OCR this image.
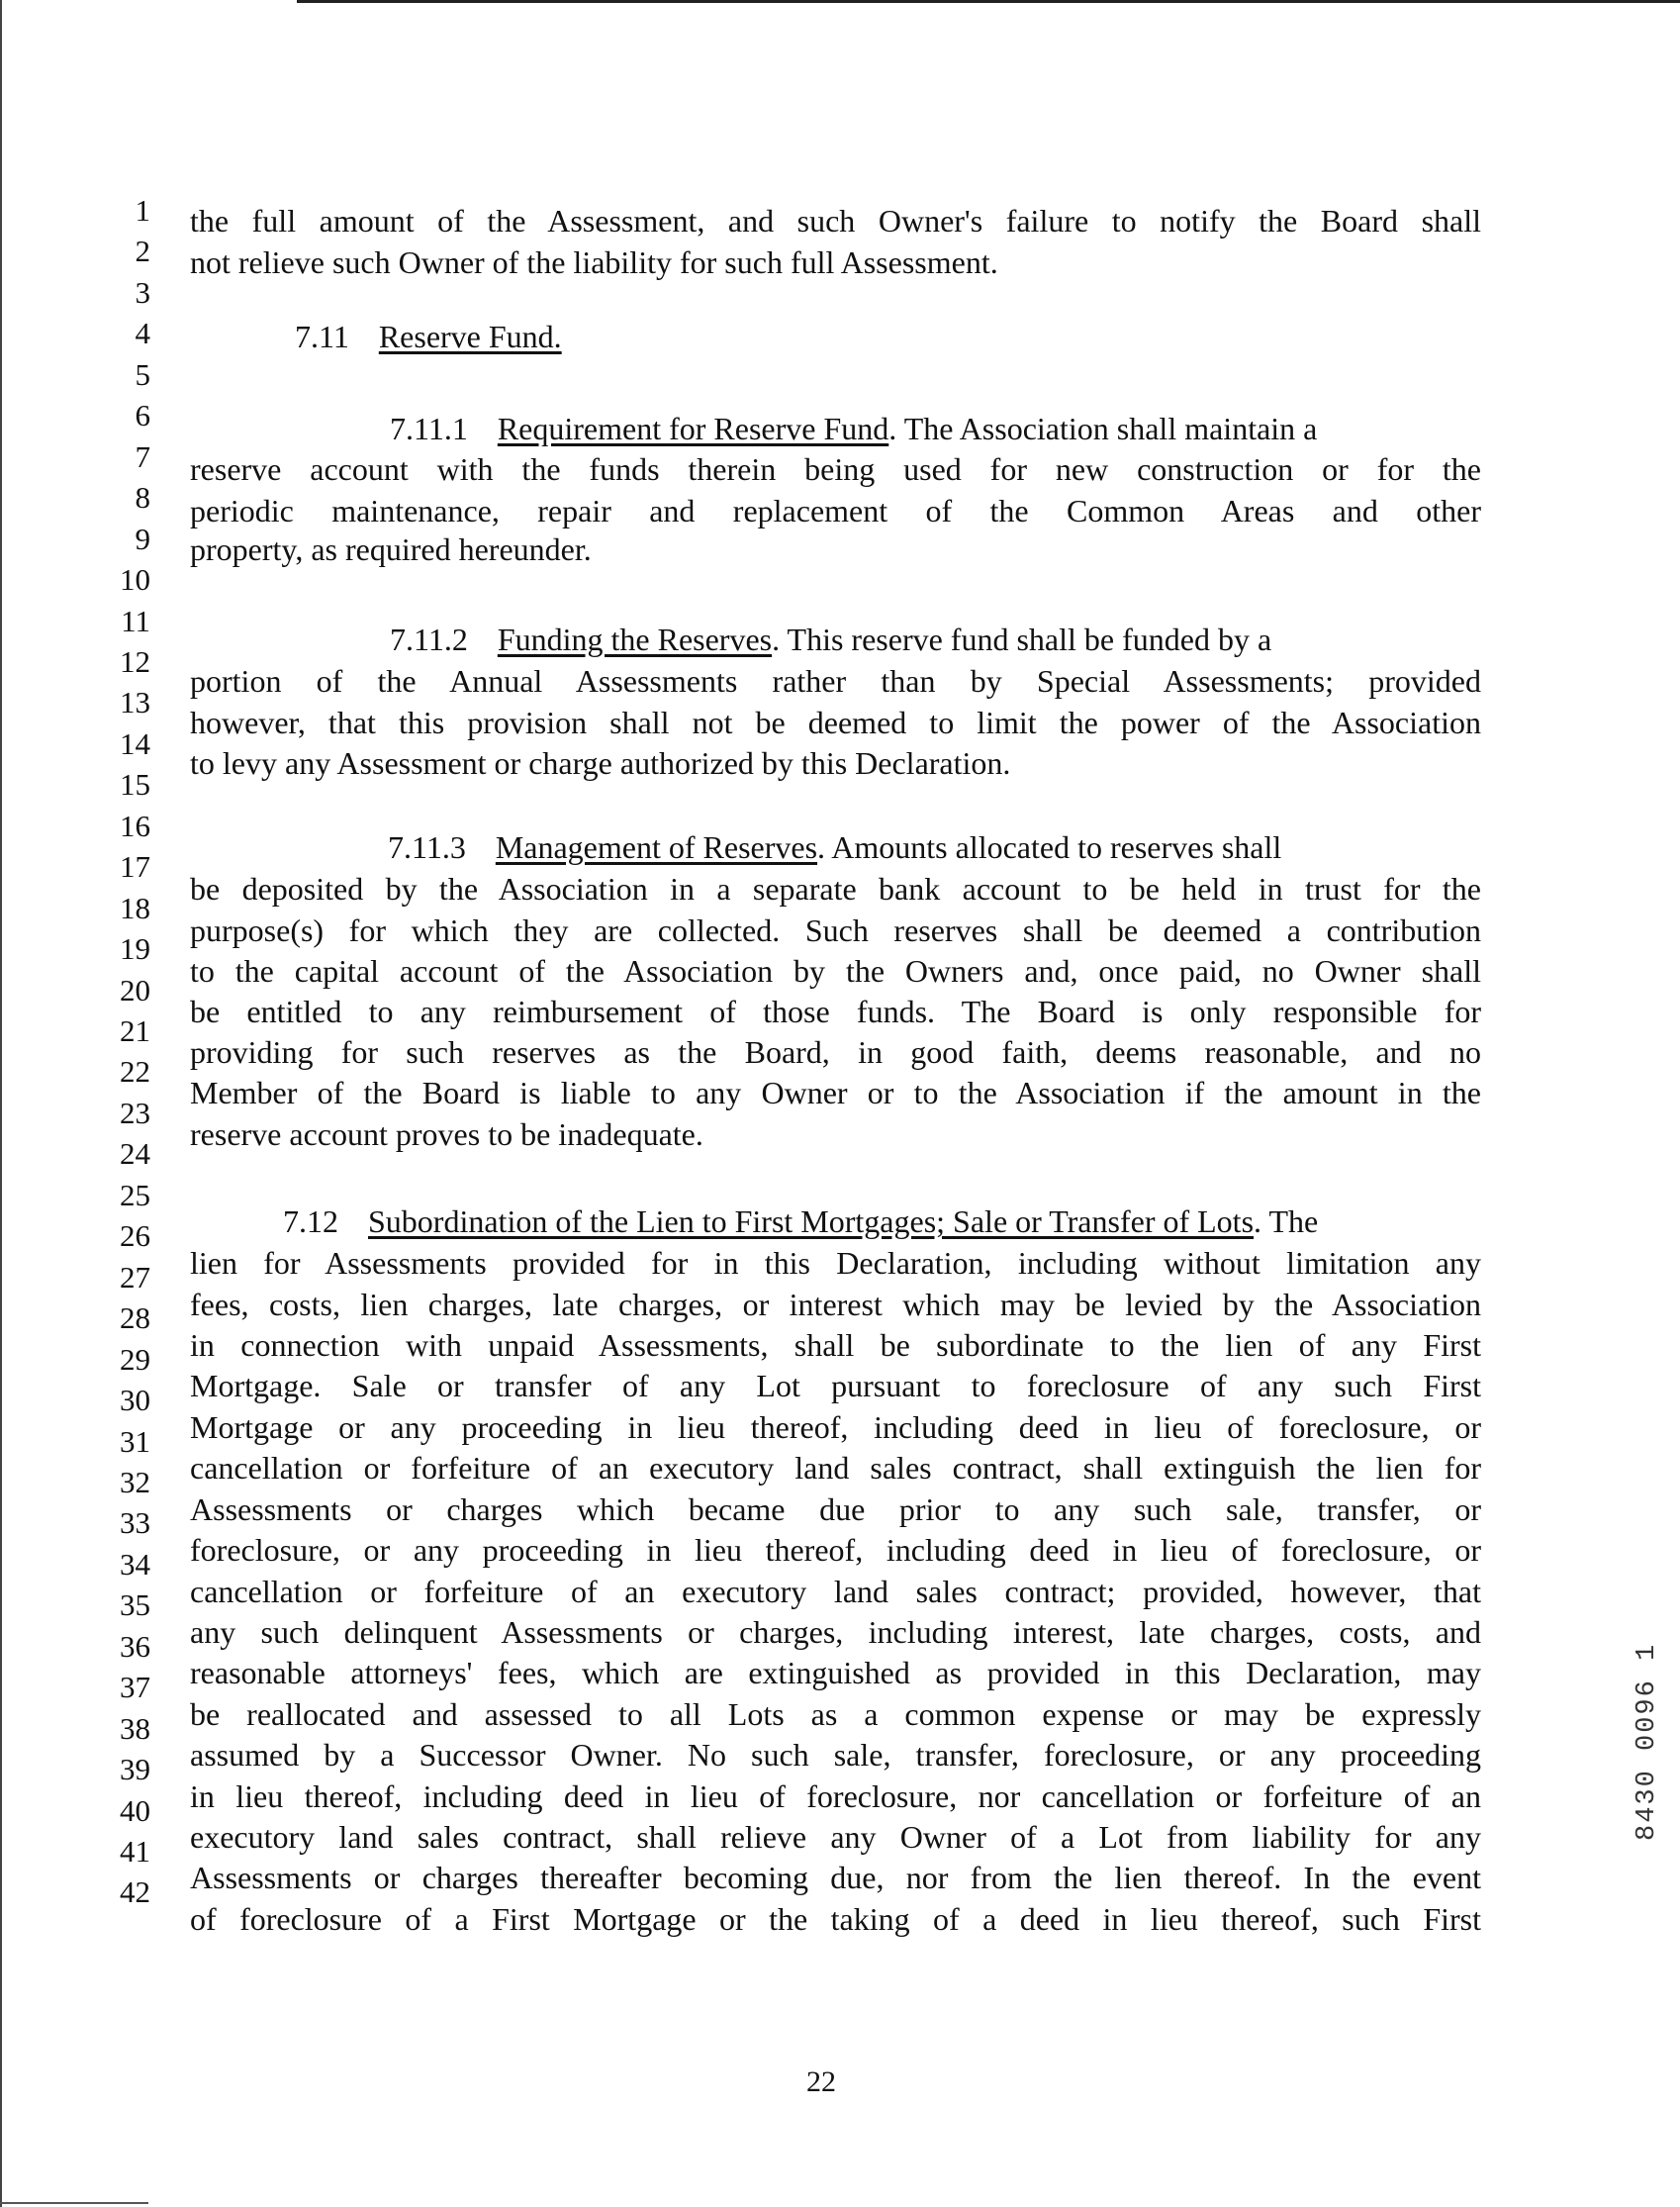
1
2
3
4
5
6
7
8
9
10
11
12
13
14
15
16
17
18
19
20
21
22
23
24
25
26
27
28
29
30
31
32
33
34
35
36
37
38
39
40
41
42
the full amount of the Assessment, and such Owner's failure to notify the Board shall
not relieve such Owner of the liability for such full Assessment.
7.11 Reserve Fund.
7.11.1 Requirement for Reserve Fund. The Association shall maintain a
reserve account with the funds therein being used for new construction or for the
periodic maintenance, repair and replacement of the Common Areas and other
property, as required hereunder.
7.11.2 Funding the Reserves. This reserve fund shall be funded by a
portion of the Annual Assessments rather than by Special Assessments; provided
however, that this provision shall not be deemed to limit the power of the Association
to levy any Assessment or charge authorized by this Declaration.
7.11.3 Management of Reserves. Amounts allocated to reserves shall
be deposited by the Association in a separate bank account to be held in trust for the
purpose(s) for which they are collected. Such reserves shall be deemed a contribution
to the capital account of the Association by the Owners and, once paid, no Owner shall
be entitled to any reimbursement of those funds. The Board is only responsible for
providing for such reserves as the Board, in good faith, deems reasonable, and no
Member of the Board is liable to any Owner or to the Association if the amount in the
reserve account proves to be inadequate.
7.12 Subordination of the Lien to First Mortgages; Sale or Transfer of Lots. The
lien for Assessments provided for in this Declaration, including without limitation any
fees, costs, lien charges, late charges, or interest which may be levied by the Association
in connection with unpaid Assessments, shall be subordinate to the lien of any First
Mortgage. Sale or transfer of any Lot pursuant to foreclosure of any such First
Mortgage or any proceeding in lieu thereof, including deed in lieu of foreclosure, or
cancellation or forfeiture of an executory land sales contract, shall extinguish the lien for
Assessments or charges which became due prior to any such sale, transfer, or
foreclosure, or any proceeding in lieu thereof, including deed in lieu of foreclosure, or
cancellation or forfeiture of an executory land sales contract; provided, however, that
any such delinquent Assessments or charges, including interest, late charges, costs, and
reasonable attorneys' fees, which are extinguished as provided in this Declaration, may
be reallocated and assessed to all Lots as a common expense or may be expressly
assumed by a Successor Owner. No such sale, transfer, foreclosure, or any proceeding
in lieu thereof, including deed in lieu of foreclosure, nor cancellation or forfeiture of an
executory land sales contract, shall relieve any Owner of a Lot from liability for any
Assessments or charges thereafter becoming due, nor from the lien thereof. In the event
of foreclosure of a First Mortgage or the taking of a deed in lieu thereof, such First
22
8430 0096 1
